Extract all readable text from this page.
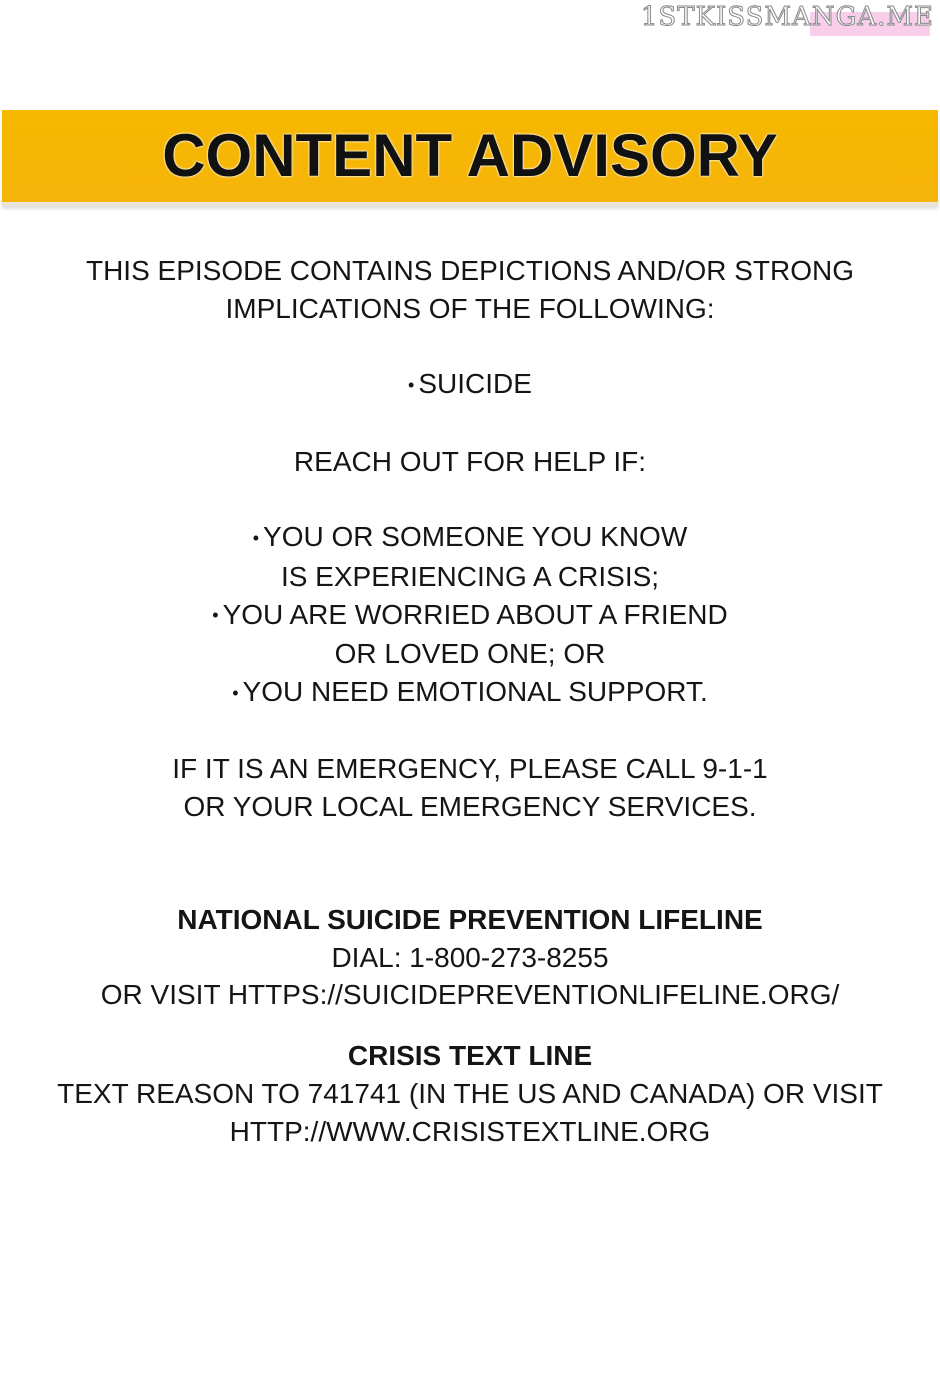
1STKISSMANGA.ME
CONTENT ADVISORY
THIS EPISODE CONTAINS DEPICTIONS AND/OR STRONG
IMPLICATIONS OF THE FOLLOWING:
• SUICIDE
REACH OUT FOR HELP IF:
• YOU OR SOMEONE YOU KNOW
IS EXPERIENCING A CRISIS;
• YOU ARE WORRIED ABOUT A FRIEND
OR LOVED ONE; OR
• YOU NEED EMOTIONAL SUPPORT.
IF IT IS AN EMERGENCY, PLEASE CALL 9-1-1
OR YOUR LOCAL EMERGENCY SERVICES.
NATIONAL SUICIDE PREVENTION LIFELINE
DIAL: 1-800-273-8255
OR VISIT HTTPS://SUICIDEPREVENTIONLIFELINE.ORG/
CRISIS TEXT LINE
TEXT REASON TO 741741 (IN THE US AND CANADA) OR VISIT
HTTP://WWW.CRISISTEXTLINE.ORG
